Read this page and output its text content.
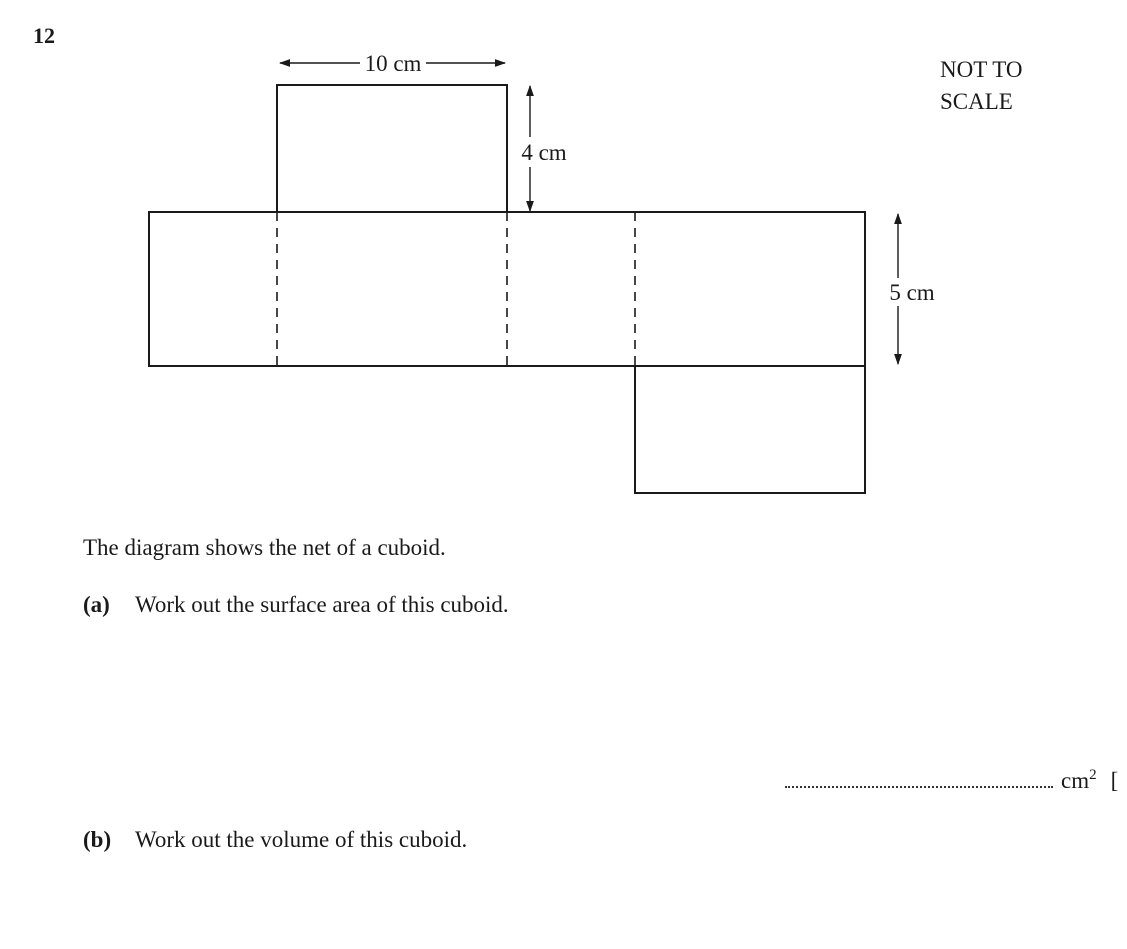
12
10 cm
4 cm
5 cm
NOT TO
SCALE
The diagram shows the net of a cuboid.
(a) Work out the surface area of this cuboid.
$cm^2$ [
(b) Work out the volume of this cuboid.
